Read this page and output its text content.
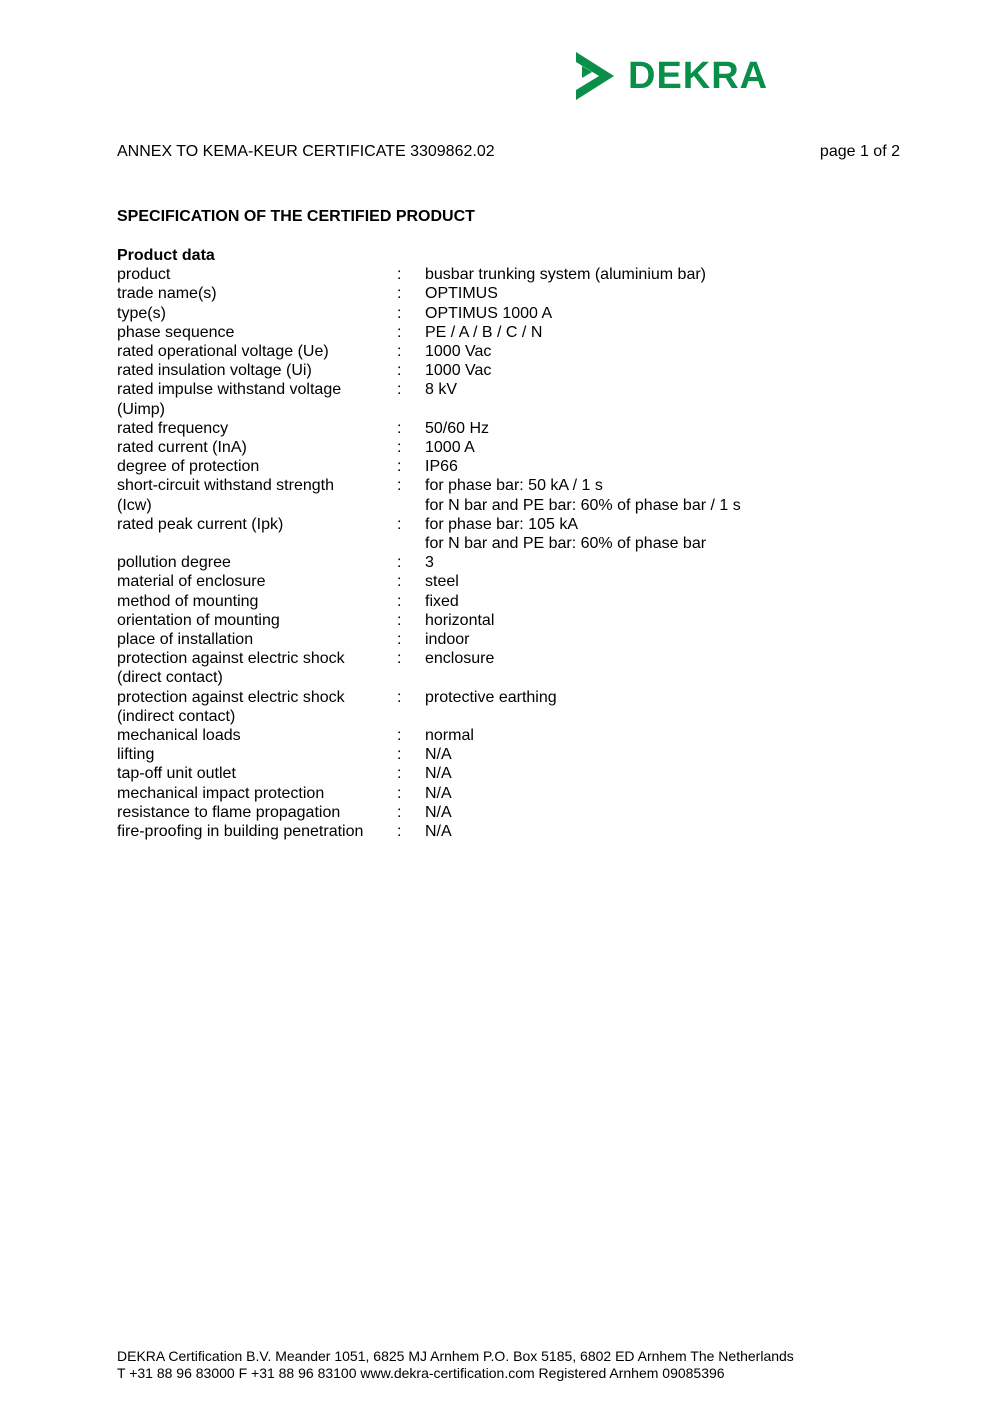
DEKRA
ANNEX TO KEMA-KEUR CERTIFICATE 3309862.02	page 1 of 2
SPECIFICATION OF THE CERTIFIED PRODUCT
Product data
product	:	busbar trunking system (aluminium bar)
trade name(s)	:	OPTIMUS
type(s)	:	OPTIMUS 1000 A
phase sequence	:	PE / A / B / C / N
rated operational voltage (Ue)	:	1000 Vac
rated insulation voltage (Ui)	:	1000 Vac
rated impulse withstand voltage	:	8 kV
(Uimp)
rated frequency	:	50/60 Hz
rated current (InA)	:	1000 A
degree of protection	:	IP66
short-circuit withstand strength	:	for phase bar: 50 kA / 1 s
(Icw)	for N bar and PE bar: 60% of phase bar / 1 s
rated peak current (Ipk)	:	for phase bar: 105 kA
for N bar and PE bar: 60% of phase bar
pollution degree	:	3
material of enclosure	:	steel
method of mounting	:	fixed
orientation of mounting	:	horizontal
place of installation	:	indoor
protection against electric shock	:	enclosure
(direct contact)
protection against electric shock	:	protective earthing
(indirect contact)
mechanical loads	:	normal
lifting	:	N/A
tap-off unit outlet	:	N/A
mechanical impact protection	:	N/A
resistance to flame propagation	:	N/A
fire-proofing in building penetration	:	N/A
DEKRA Certification B.V. Meander 1051, 6825 MJ Arnhem P.O. Box 5185, 6802 ED Arnhem The Netherlands
T +31 88 96 83000 F +31 88 96 83100 www.dekra-certification.com Registered Arnhem 09085396
